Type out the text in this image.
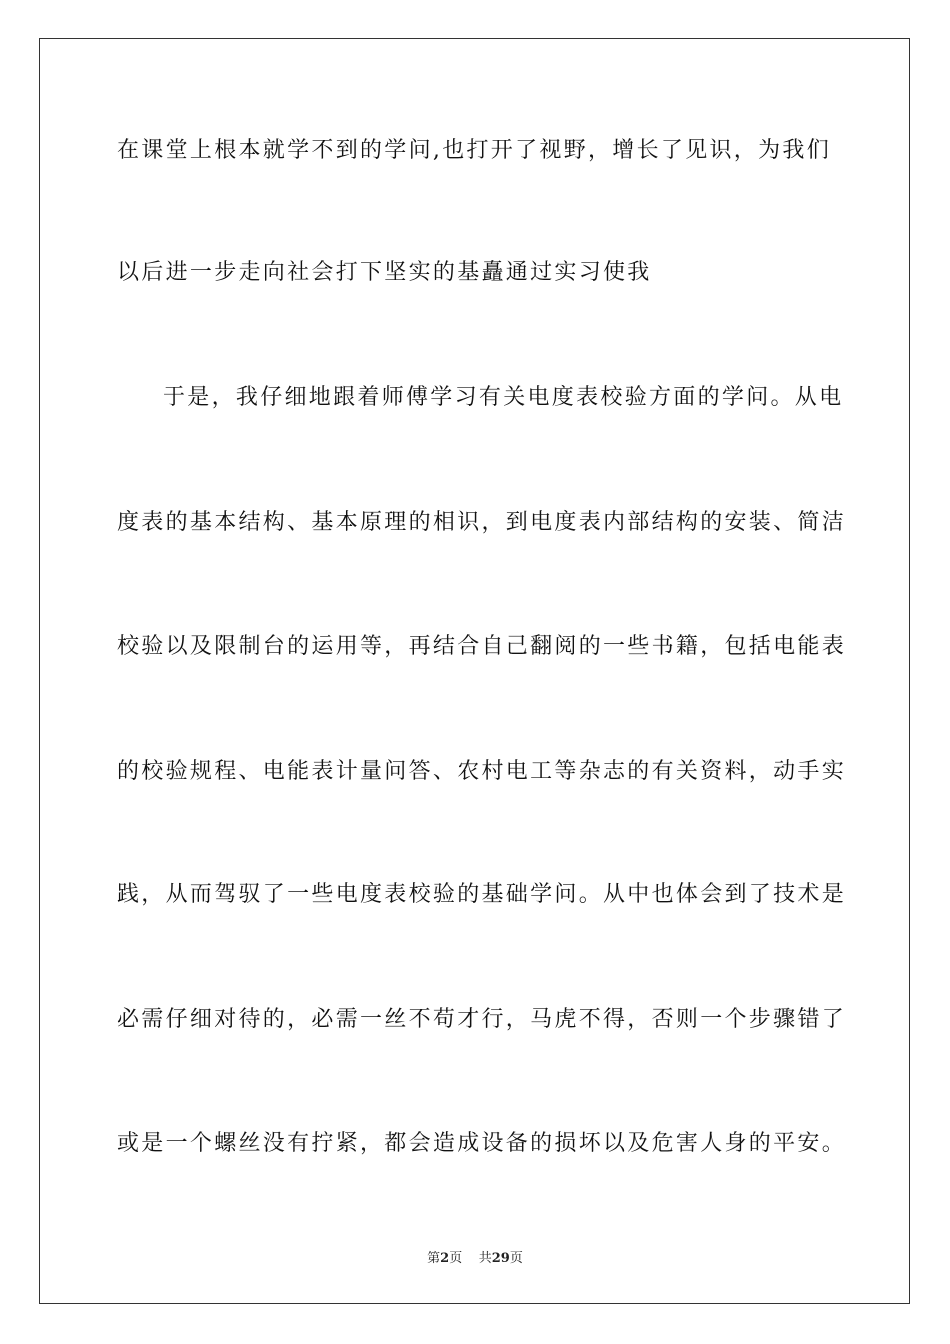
在课堂上根本就学不到的学问,也打开了视野，增长了见识，为我们

以后进一步走向社会打下坚实的基矗通过实习使我

于是，我仔细地跟着师傅学习有关电度表校验方面的学问。从电

度表的基本结构、基本原理的相识，到电度表内部结构的安装、简洁

校验以及限制台的运用等，再结合自己翻阅的一些书籍，包括电能表

的校验规程、电能表计量问答、农村电工等杂志的有关资料，动手实

践，从而驾驭了一些电度表校验的基础学问。从中也体会到了技术是

必需仔细对待的，必需一丝不苟才行，马虎不得，否则一个步骤错了

或是一个螺丝没有拧紧，都会造成设备的损坏以及危害人身的平安。

第2页 共29页
